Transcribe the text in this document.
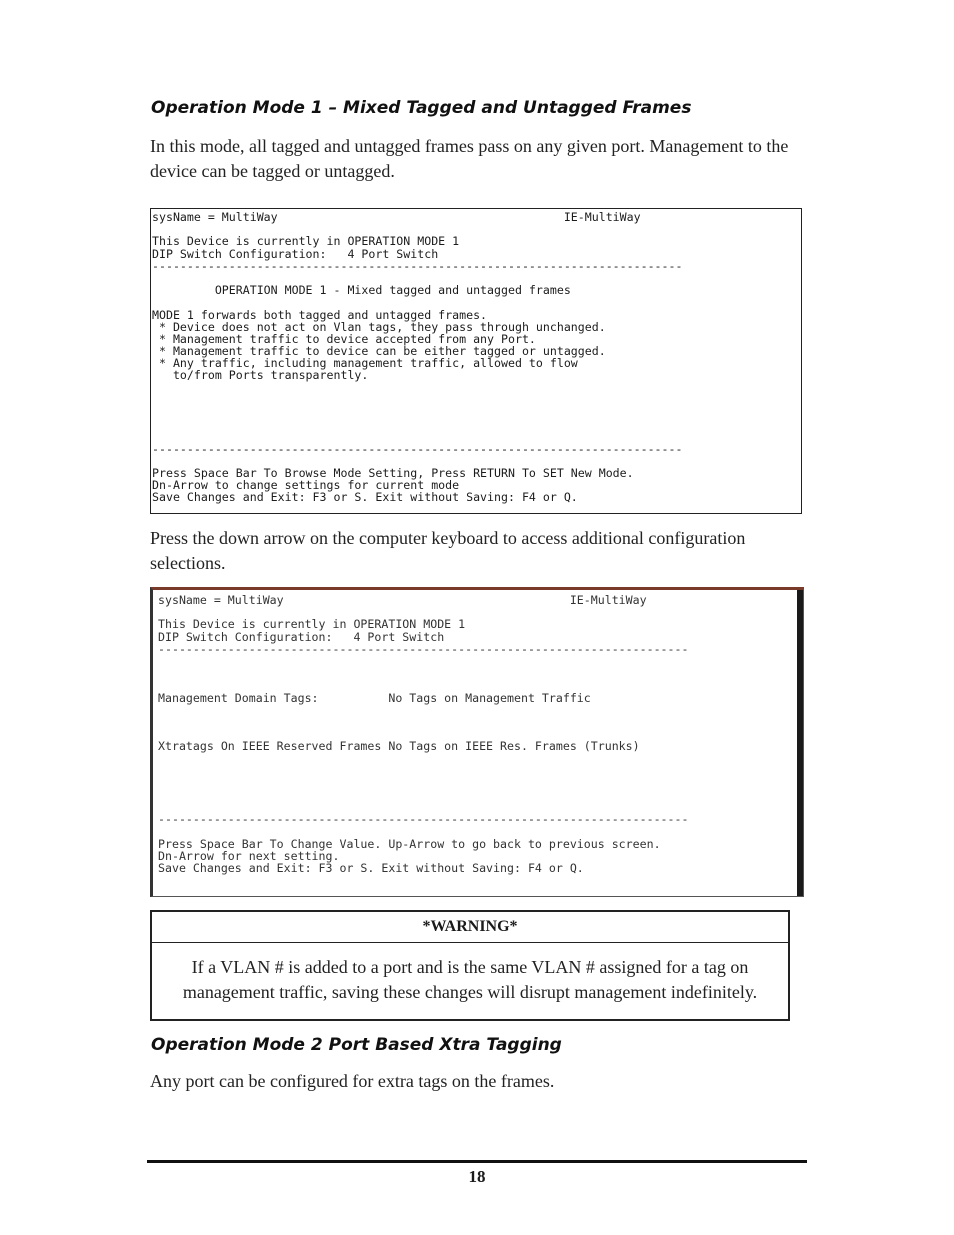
Operation Mode 1 – Mixed Tagged and Untagged Frames

In this mode, all tagged and untagged frames pass on any given port. Management to the device can be tagged or untagged.

sysName = MultiWay                                         IE-MultiWay
This Device is currently in OPERATION MODE 1
DIP Switch Configuration:   4 Port Switch
----------------------------------------------------------------------------
OPERATION MODE 1 - Mixed tagged and untagged frames
MODE 1 forwards both tagged and untagged frames.
* Device does not act on Vlan tags, they pass through unchanged.
* Management traffic to device accepted from any Port.
* Management traffic to device can be either tagged or untagged.
* Any traffic, including management traffic, allowed to flow
to/from Ports transparently.
----------------------------------------------------------------------------
Press Space Bar To Browse Mode Setting, Press RETURN To SET New Mode.
Dn-Arrow to change settings for current mode
Save Changes and Exit: F3 or S. Exit without Saving: F4 or Q.

Press the down arrow on the computer keyboard to access additional configuration selections.

sysName = MultiWay                                         IE-MultiWay
This Device is currently in OPERATION MODE 1
DIP Switch Configuration:   4 Port Switch
----------------------------------------------------------------------------
Management Domain Tags:          No Tags on Management Traffic
Xtratags On IEEE Reserved Frames No Tags on IEEE Res. Frames (Trunks)
----------------------------------------------------------------------------
Press Space Bar To Change Value. Up-Arrow to go back to previous screen.
Dn-Arrow for next setting.
Save Changes and Exit: F3 or S. Exit without Saving: F4 or Q.
*WARNING*
If a VLAN # is added to a port and is the same VLAN # assigned for a tag on management traffic, saving these changes will disrupt management indefinitely.
Operation Mode 2 Port Based Xtra Tagging

Any port can be configured for extra tags on the frames.

18
